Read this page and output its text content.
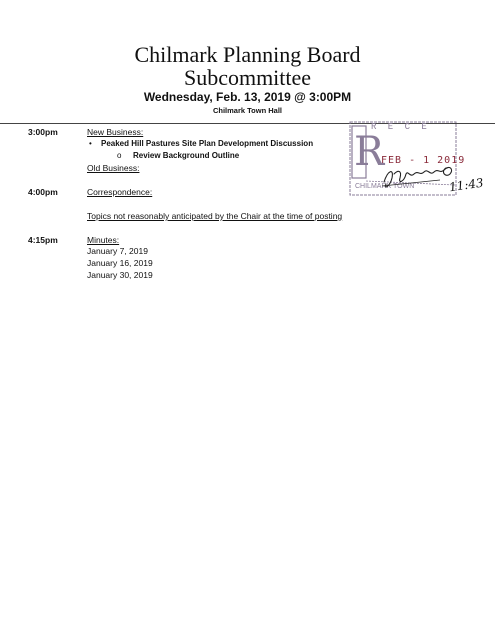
Chilmark Planning Board
Subcommittee
Wednesday, Feb. 13, 2019 @ 3:00PM
Chilmark Town Hall
3:00pm	New Business:
• Peaked Hill Pastures Site Plan Development Discussion
o Review Background Outline
Old Business:
4:00pm	Correspondence:
Topics not reasonably anticipated by the Chair at the time of posting
4:15pm	Minutes:
January 7, 2019
January 16, 2019
January 30, 2019
R
R E C E
FEB - 1 2019
CHILMARK TOWN	11:43
